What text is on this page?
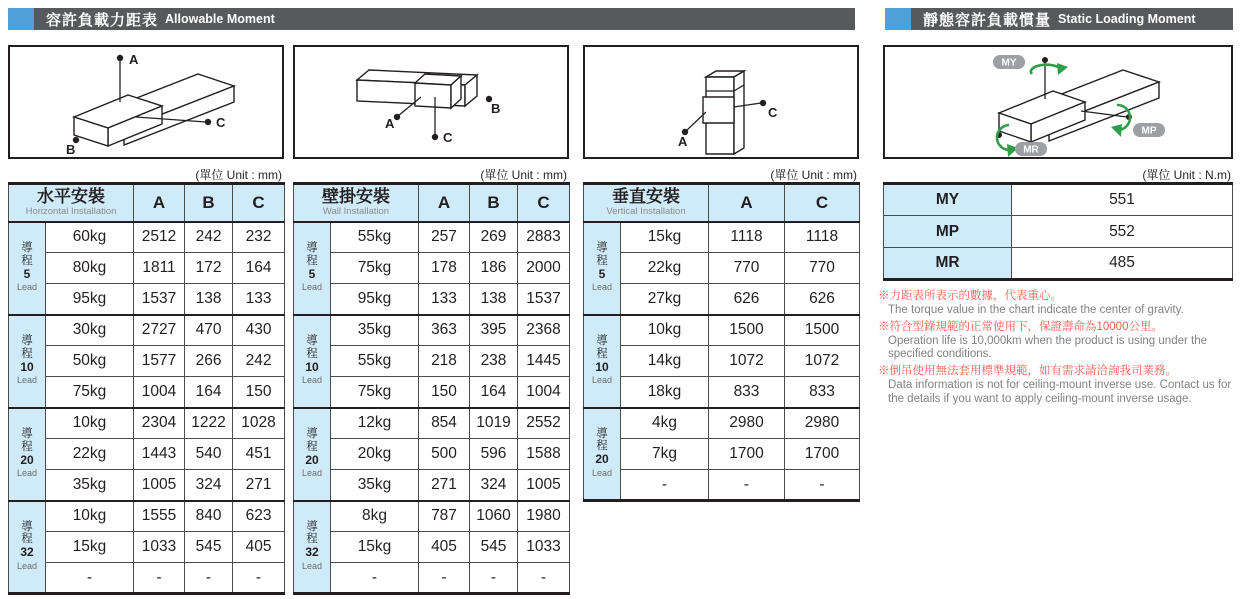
容許負載力距表 Allowable Moment	靜態容許負載慣量 Static Loading Moment
A
B
C	A
B
C	A
C
MY
MP
MR
(單位 Unit : mm)	(單位 Unit : mm)	(單位 Unit : mm)	(單位 Unit : N.m)
水平安裝
Horizontal Installation		A	B	C
導
程
5
Lead	60kg	2512	242	232
	80kg	1811	172	164
	95kg	1537	138	133
導
程
10
Lead	30kg	2727	470	430
	50kg	1577	266	242
	75kg	1004	164	150
導
程
20
Lead	10kg	2304	1222	1028
	22kg	1443	540	451
	35kg	1005	324	271
導
程
32
Lead	10kg	1555	840	623
	15kg	1033	545	405
	-	-	-	-
壁掛安裝
Wall Installation		A	B	C
導
程
5
Lead	55kg	257	269	2883
	75kg	178	186	2000
	95kg	133	138	1537
導
程
10
Lead	35kg	363	395	2368
	55kg	218	238	1445
	75kg	150	164	1004
導
程
20
Lead	12kg	854	1019	2552
	20kg	500	596	1588
	35kg	271	324	1005
導
程
32
Lead	8kg	787	1060	1980
	15kg	405	545	1033
	-	-	-	-
垂直安裝
Vertical Installation		A	C
導
程
5
Lead	15kg	1118	1118
	22kg	770	770
	27kg	626	626
導
程
10
Lead	10kg	1500	1500
	14kg	1072	1072
	18kg	833	833
導
程
20
Lead	4kg	2980	2980
	7kg	1700	1700
	-	-	-
MY	551
MP	552
MR	485
※力距表所表示的數據，代表重心。
The torque value in the chart indicate the center of gravity.
※符合型錄規範的正常使用下，保證壽命為10000公里。
Operation life is 10,000km when the product is using under the specified conditions.
※倒吊使用無法套用標準規範，如有需求請洽詢我司業務。
Data information is not for ceiling-mount inverse use. Contact us for the details if you want to apply ceiling-mount inverse usage.
